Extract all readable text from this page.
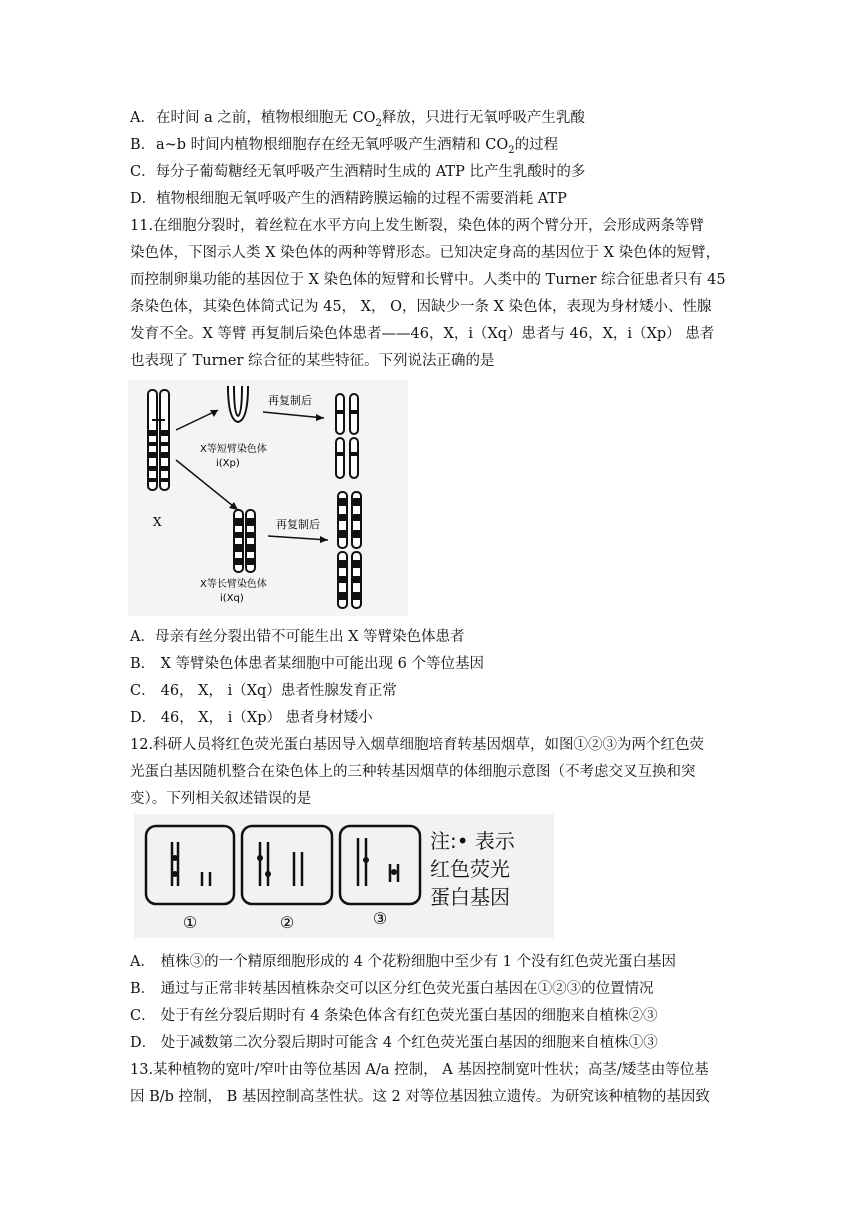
A．在时间 a 之前，植物根细胞无 $CO_2$释放，只进行无氧呼吸产生乳酸
B．a~b 时间内植物根细胞存在经无氧呼吸产生酒精和 $CO_2$的过程
C．每分子葡萄糖经无氧呼吸产生酒精时生成的 ATP 比产生乳酸时的多
D．植物根细胞无氧呼吸产生的酒精跨膜运输的过程不需要消耗 ATP
11.在细胞分裂时，着丝粒在水平方向上发生断裂，染色体的两个臂分开，会形成两条等臂
染色体，下图示人类 X 染色体的两种等臂形态。已知决定身高的基因位于 X 染色体的短臂，
而控制卵巢功能的基因位于 X 染色体的短臂和长臂中。人类中的 Turner 综合征患者只有 45
条染色体，其染色体简式记为 45， X， O，因缺少一条 X 染色体，表现为身材矮小、性腺
发育不全。X 等臂 再复制后染色体患者——46，X，i（Xq）患者与 46，X，i（Xp） 患者
也表现了 Turner 综合征的某些特征。下列说法正确的是
X
X等短臂染色体
i(Xp)
再复制后
X等长臂染色体
i(Xq)
再复制后
A．母亲有丝分裂出错不可能生出 X 等臂染色体患者
B． X 等臂染色体患者某细胞中可能出现 6 个等位基因
C． 46， X， i（Xq）患者性腺发育正常
D． 46， X， i（Xp） 患者身材矮小
12.科研人员将红色荧光蛋白基因导入烟草细胞培育转基因烟草，如图①②③为两个红色荧
光蛋白基因随机整合在染色体上的三种转基因烟草的体细胞示意图（不考虑交叉互换和突
变）。下列相关叙述错误的是
①	②	③
注:• 表示
红色荧光
蛋白基因
A． 植株③的一个精原细胞形成的 4 个花粉细胞中至少有 1 个没有红色荧光蛋白基因
B． 通过与正常非转基因植株杂交可以区分红色荧光蛋白基因在①②③的位置情况
C． 处于有丝分裂后期时有 4 条染色体含有红色荧光蛋白基因的细胞来自植株②③
D． 处于减数第二次分裂后期时可能含 4 个红色荧光蛋白基因的细胞来自植株①③
13.某种植物的宽叶/窄叶由等位基因 A/a 控制， A 基因控制宽叶性状；高茎/矮茎由等位基
因 B/b 控制， B 基因控制高茎性状。这 2 对等位基因独立遗传。为研究该种植物的基因致
